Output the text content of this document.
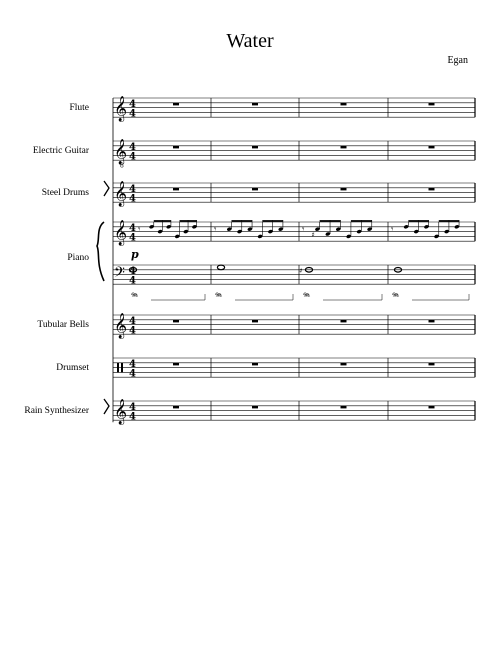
Water
Egan
Flute
Electric Guitar
Steel Drums
Piano
Tubular Bells
Drumset
Rain Synthesizer
𝄞 4
4
𝄞
8
4
4
𝄞 4
4
𝄞
𝄢
4
4
4
4
𝄾	𝄾	𝄾 ♯	𝄾
p
♯
𝆮	𝆮	𝆮	𝆮
𝄞 4
4
4
4
𝄞 4
4
